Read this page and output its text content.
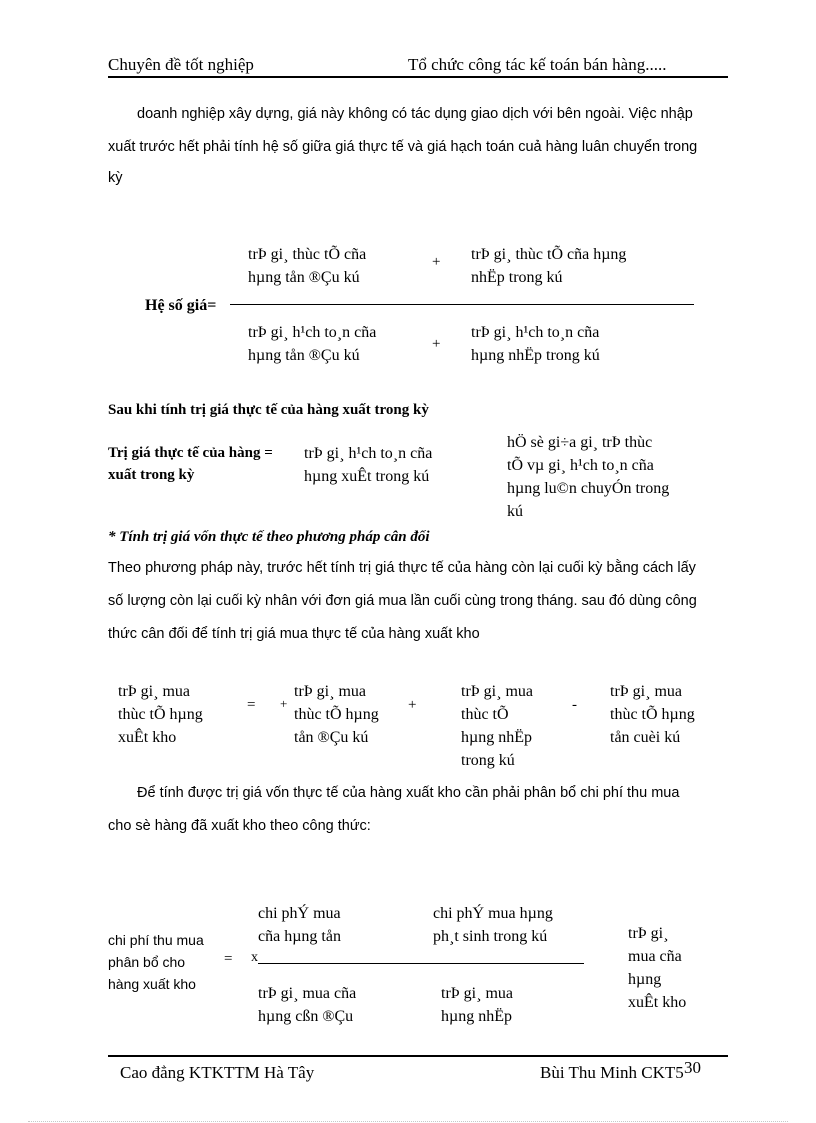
Chuyên đề tốt nghiệp	Tổ chức công tác kế toán bán hàng.....
doanh nghiệp xây dựng, giá này không có tác dụng giao dịch với bên ngoài. Việc nhập
xuất trước hết phải tính hệ số giữa giá thực tế và giá hạch toán cuả hàng luân chuyển trong
kỳ
trÞ gi¸ thùc tÕ cña
hµng tån ®Çu kú
+ trÞ gi¸ thùc tÕ cña hµng
nhËp trong kú
Hệ số giá=
trÞ gi¸ h¹ch to¸n cña
hµng tån ®Çu kú
+
trÞ gi¸ h¹ch to¸n cña
hµng nhËp trong kú
Sau khi tính trị giá thực tế của hàng xuất trong kỳ
Trị giá thực tế của hàng =
xuất trong kỳ
trÞ gi¸ h¹ch to¸n cña
hµng xuÊt trong kú
hÖ sè gi÷a gi¸ trÞ thùc
tÕ vµ gi¸ h¹ch to¸n cña
hµng lu©n chuyÓn trong
kú
* Tính trị giá vốn thực tế theo phương pháp cân đối
Theo phương pháp này, trước hết tính trị giá thực tế của hàng còn lại cuối kỳ bằng cách lấy
số lượng còn lại cuối kỳ nhân với đơn giá mua lần cuối cùng trong tháng. sau đó dùng công
thức cân đối để tính trị giá mua thực tế của hàng xuất kho
trÞ gi¸ mua
thùc tÕ hµng
xuÊt kho
= +
trÞ gi¸ mua
thùc tÕ hµng
tån ®Çu kú
+
trÞ gi¸ mua
thùc tÕ
hµng nhËp
trong kú
-
trÞ gi¸ mua
thùc tÕ hµng
tån cuèi kú
Để tính được trị giá vốn thực tế của hàng xuất kho cần phải phân bổ chi phí thu mua
cho sè hàng đã xuất kho theo công thức:
chi phÝ mua
cña hµng tån
chi phÝ mua hµng
ph¸t sinh trong kú
chi phí thu mua
phân bổ cho
hàng xuất kho
= x
trÞ gi¸
mua cña
hµng
xuÊt kho
trÞ gi¸ mua cña
hµng cßn ®Çu
trÞ gi¸ mua
hµng nhËp
Cao đẳng KTKTTM Hà Tây	Bùi Thu Minh CKT5 30
